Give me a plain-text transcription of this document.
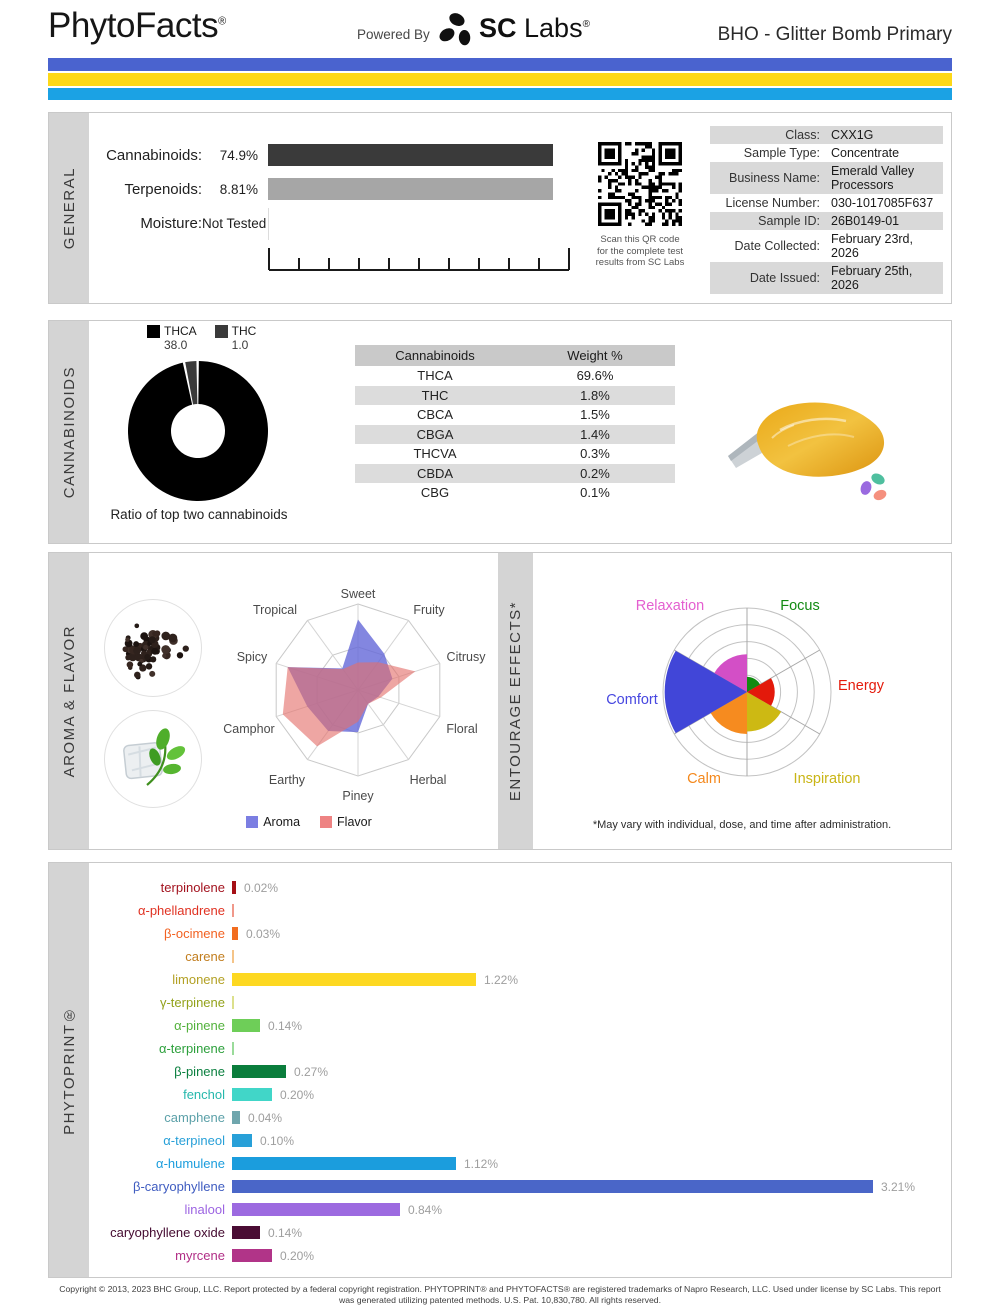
PhytoFacts®
Powered By SC Labs®	BHO - Glitter Bomb Primary
GENERAL
Cannabinoids:	74.9%
Terpenoids:	8.81%
Moisture: Not Tested
Scan this QR code
for the complete test
results from SC Labs
Class: CXX1G
Sample Type: Concentrate
Business Name: Emerald Valley Processors
License Number: 030-1017085F637
Sample ID: 26B0149-01
Date Collected: February 23rd, 2026
Date Issued: February 25th, 2026
CANNABINOIDS
THCA
38.0
THC
1.0
Ratio of top two cannabinoids
Cannabinoids	Weight %
THCA	69.6%
THC	1.8%
CBCA	1.5%
CBGA	1.4%
THCVA	0.3%
CBDA	0.2%
CBG	0.1%
AROMA & FLAVOR
Sweet
Fruity
Citrusy
Floral
Herbal
Piney
Earthy
Camphor
Spicy
Tropical
Aroma	Flavor
ENTOURAGE EFFECTS*	Relaxation	Focus
Energy
Inspiration
Calm
Comfort
*May vary with individual, dose, and time after administration.
PHYTOPRINT®
terpinolene 0.02%
α-phellandrene
β-ocimene 0.03%
carene
limonene	1.22%
γ-terpinene
α-pinene	0.14%
α-terpinene
β-pinene	0.27%
fenchol	0.20%
camphene 0.04%
α-terpineol	0.10%
α-humulene	1.12%
β-caryophyllene	3.21%
linalool	0.84%
caryophyllene oxide	0.14%
myrcene	0.20%
Copyright © 2013, 2023 BHC Group, LLC. Report protected by a federal copyright registration. PHYTOPRINT® and PHYTOFACTS® are registered trademarks of Napro Research, LLC. Used under license by SC Labs. This report
was generated utilizing patented methods. U.S. Pat. 10,830,780. All rights reserved.
